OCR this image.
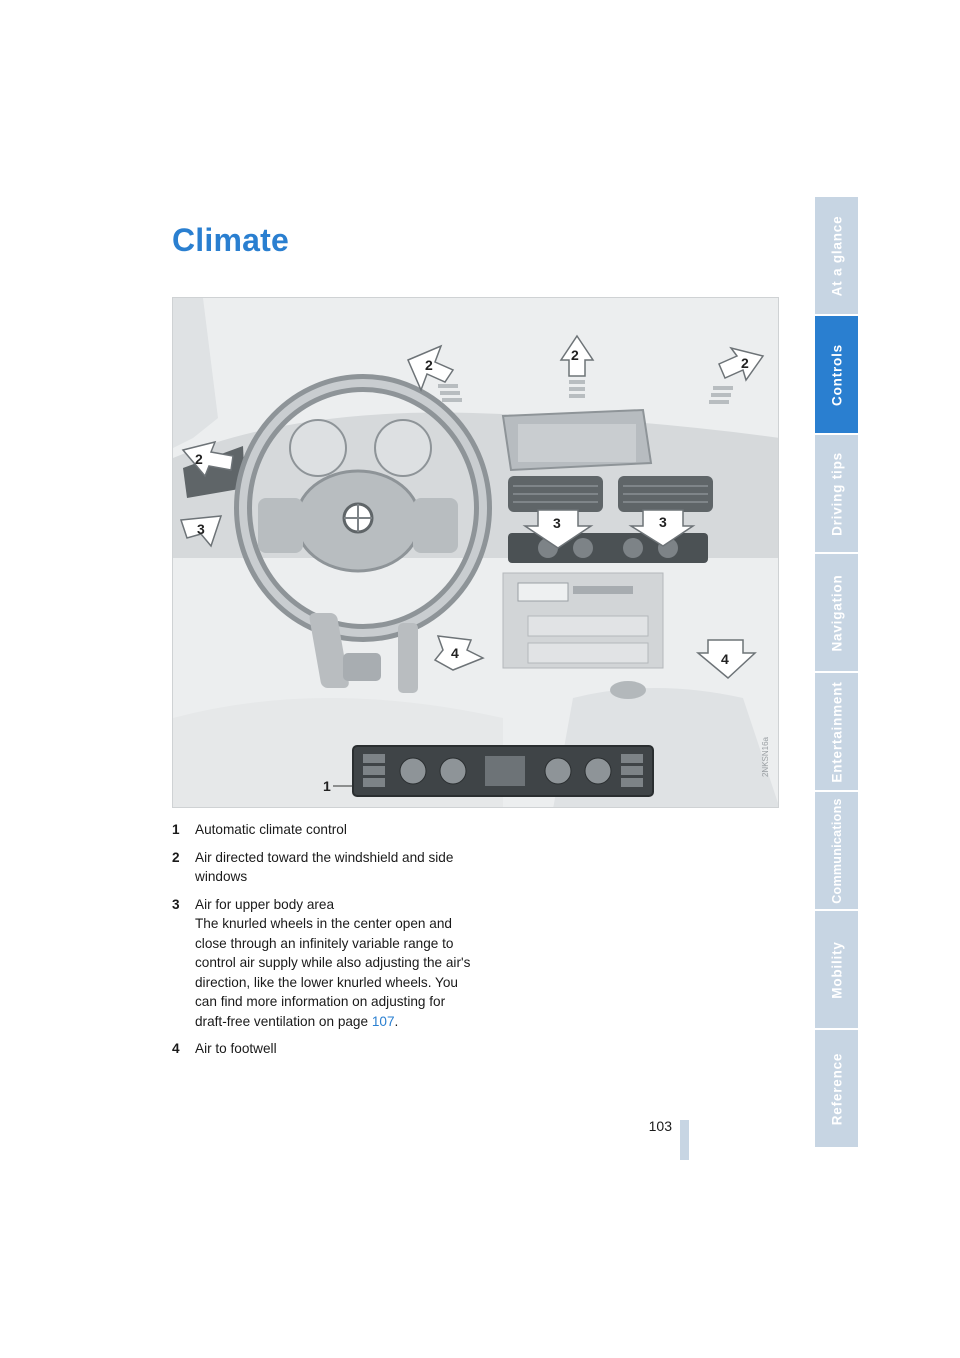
Climate
1
2
2	2
2
3	3	3
4	4
2NKSN16a
1 Automatic climate control

2 Air directed toward the windshield and side windows

3 Air for upper body area

The knurled wheels in the center open and close through an infinitely variable range to control air supply while also adjusting the air's direction, like the lower knurled wheels. You can find more information on adjusting for draft-free ventilation on page 107.

4 Air to footwell

At a glance
Controls
Driving tips
Navigation
Entertainment
Communications
Mobility
Reference
103
